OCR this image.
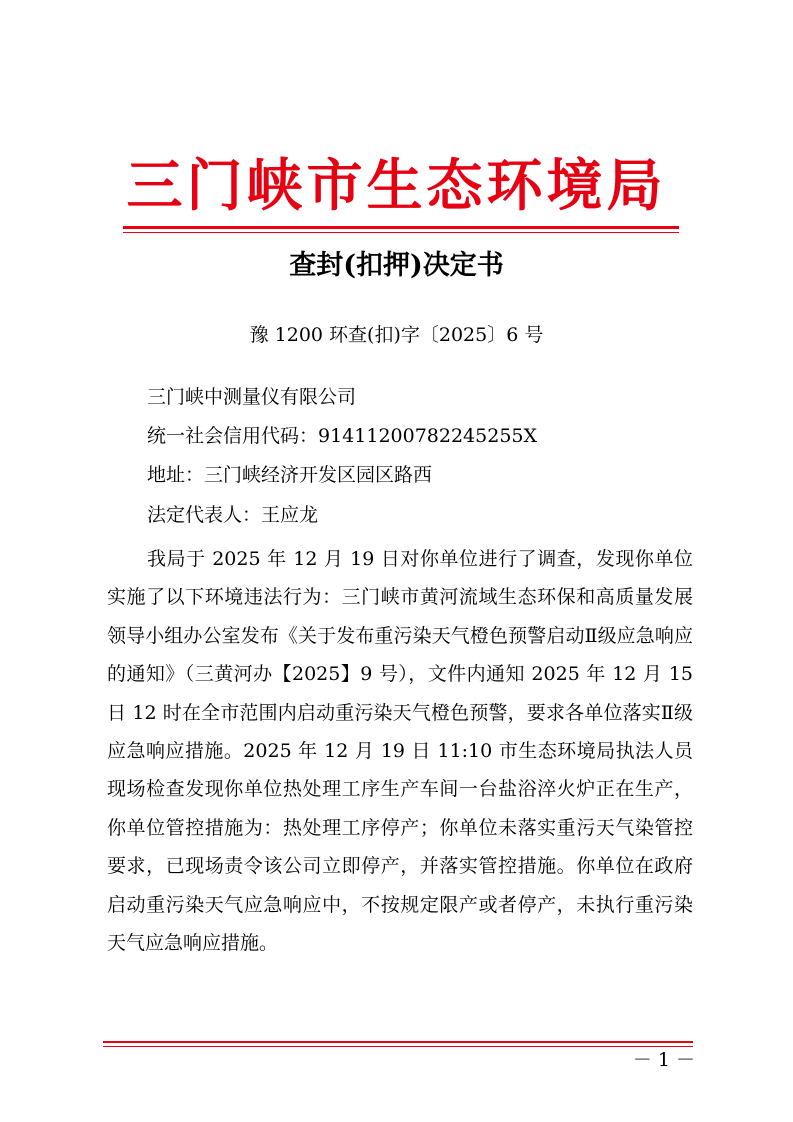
三门峡市生态环境局
查封(扣押)决定书
豫 1200 环查(扣)字〔2025〕6 号
三门峡中测量仪有限公司
统一社会信用代码：91411200782245255X
地址：三门峡经济开发区园区路西
法定代表人：王应龙
我局于 2025 年 12 月 19 日对你单位进行了调查，发现你单位实施了以下环境违法行为：三门峡市黄河流域生态环保和高质量发展领导小组办公室发布《关于发布重污染天气橙色预警启动Ⅱ级应急响应的通知》（三黄河办【2025】9 号），文件内通知 2025 年 12 月 15 日 12 时在全市范围内启动重污染天气橙色预警，要求各单位落实Ⅱ级应急响应措施。2025 年 12 月 19 日 11:10 市生态环境局执法人员现场检查发现你单位热处理工序生产车间一台盐浴淬火炉正在生产，你单位管控措施为：热处理工序停产；你单位未落实重污天气染管控要求，已现场责令该公司立即停产，并落实管控措施。你单位在政府启动重污染天气应急响应中，不按规定限产或者停产，未执行重污染天气应急响应措施。
－ 1 －
